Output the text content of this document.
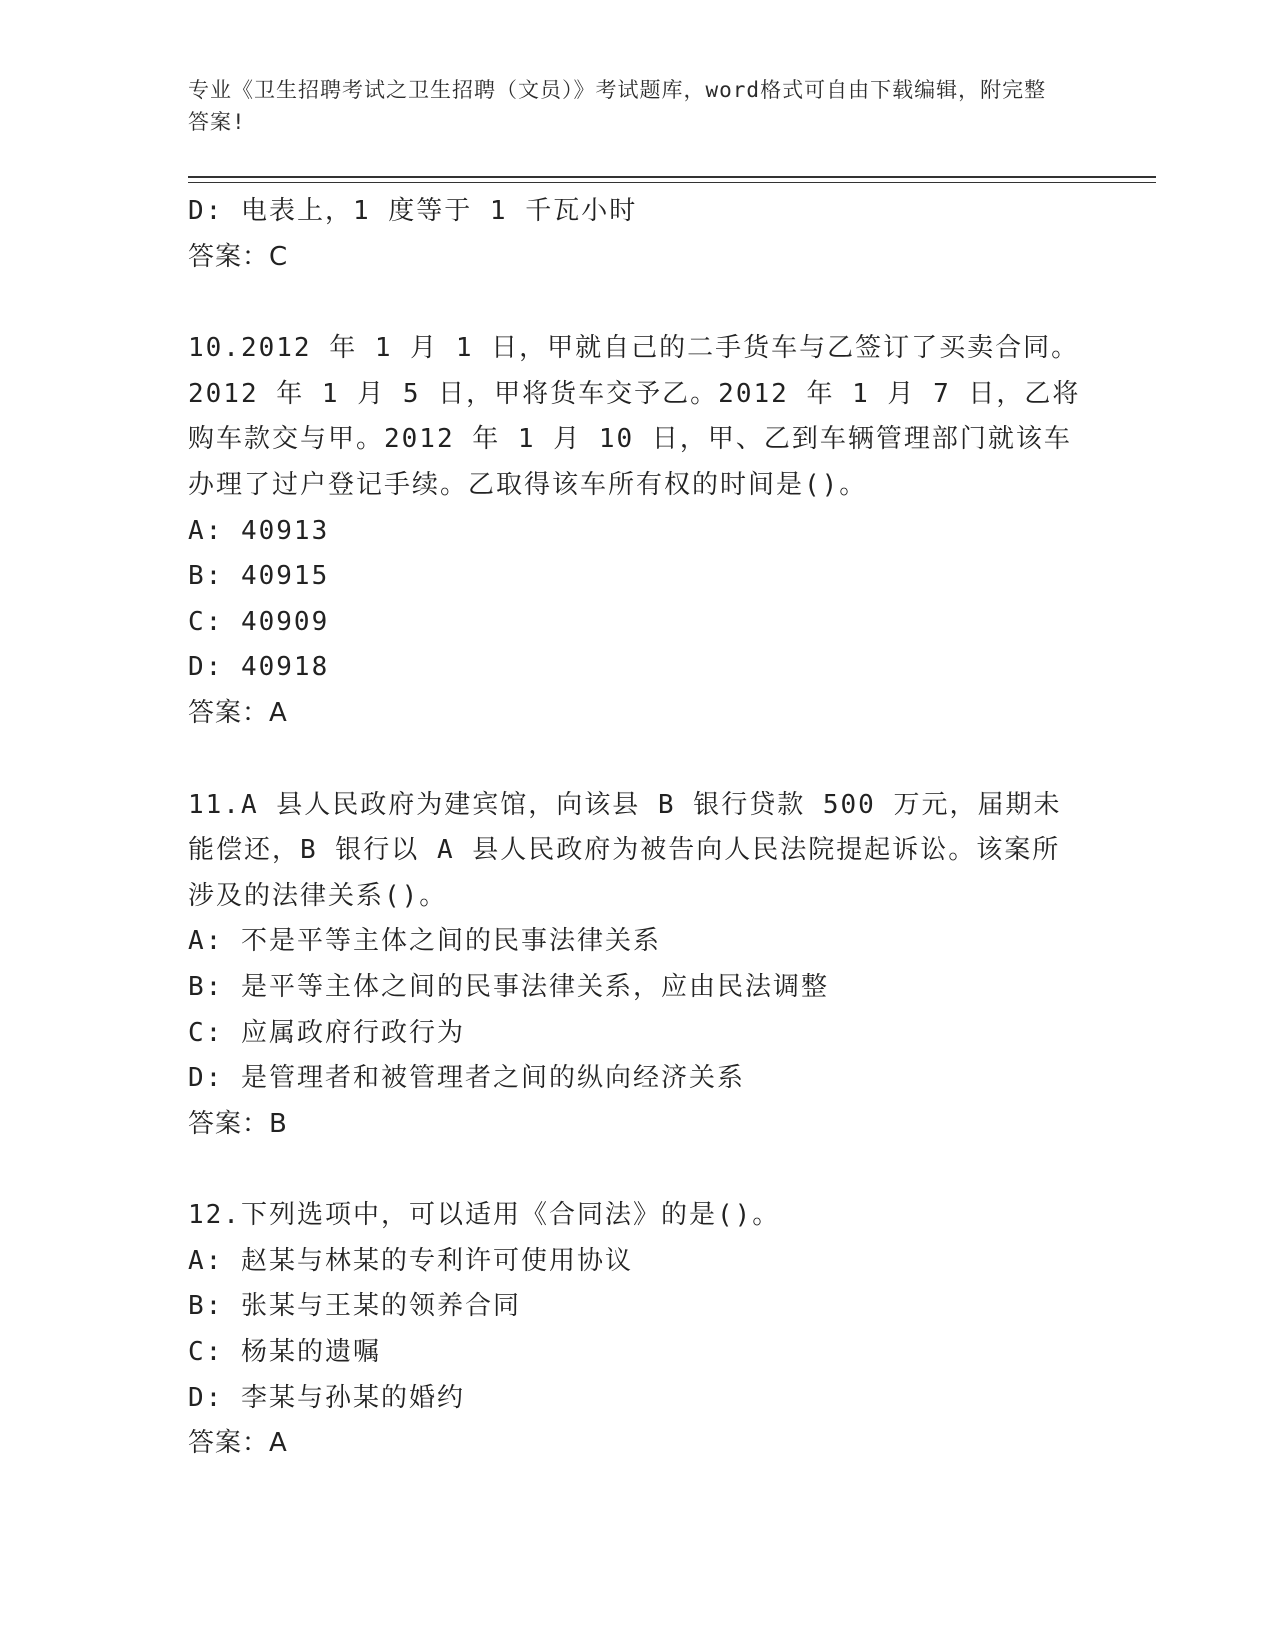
专业《卫生招聘考试之卫生招聘（文员）》考试题库，word格式可自由下载编辑，附完整答案!
D: 电表上，1 度等于 1 千瓦小时
答案：C
10.2012 年 1 月 1 日，甲就自己的二手货车与乙签订了买卖合同。2012 年 1 月 5 日，甲将货车交予乙。2012 年 1 月 7 日，乙将购车款交与甲。2012 年 1 月 10 日，甲、乙到车辆管理部门就该车办理了过户登记手续。乙取得该车所有权的时间是()。
A: 40913
B: 40915
C: 40909
D: 40918
答案：A
11.A 县人民政府为建宾馆，向该县 B 银行贷款 500 万元，届期未能偿还，B 银行以 A 县人民政府为被告向人民法院提起诉讼。该案所涉及的法律关系()。
A: 不是平等主体之间的民事法律关系
B: 是平等主体之间的民事法律关系，应由民法调整
C: 应属政府行政行为
D: 是管理者和被管理者之间的纵向经济关系
答案：B
12.下列选项中，可以适用《合同法》的是()。
A: 赵某与林某的专利许可使用协议
B: 张某与王某的领养合同
C: 杨某的遗嘱
D: 李某与孙某的婚约
答案：A
